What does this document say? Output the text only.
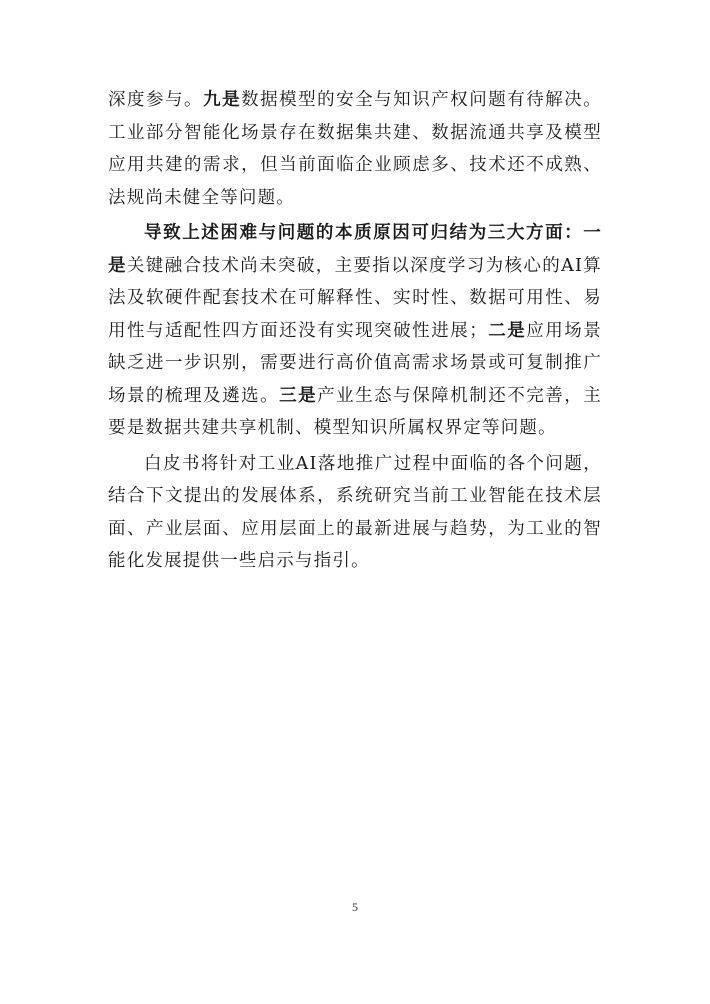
深度参与。九是数据模型的安全与知识产权问题有待解决。工业部分智能化场景存在数据集共建、数据流通共享及模型应用共建的需求，但当前面临企业顾虑多、技术还不成熟、法规尚未健全等问题。

导致上述困难与问题的本质原因可归结为三大方面：一是关键融合技术尚未突破，主要指以深度学习为核心的AI算法及软硬件配套技术在可解释性、实时性、数据可用性、易用性与适配性四方面还没有实现突破性进展；二是应用场景缺乏进一步识别，需要进行高价值高需求场景或可复制推广场景的梳理及遴选。三是产业生态与保障机制还不完善，主要是数据共建共享机制、模型知识所属权界定等问题。

白皮书将针对工业AI落地推广过程中面临的各个问题，结合下文提出的发展体系，系统研究当前工业智能在技术层面、产业层面、应用层面上的最新进展与趋势，为工业的智能化发展提供一些启示与指引。

5
